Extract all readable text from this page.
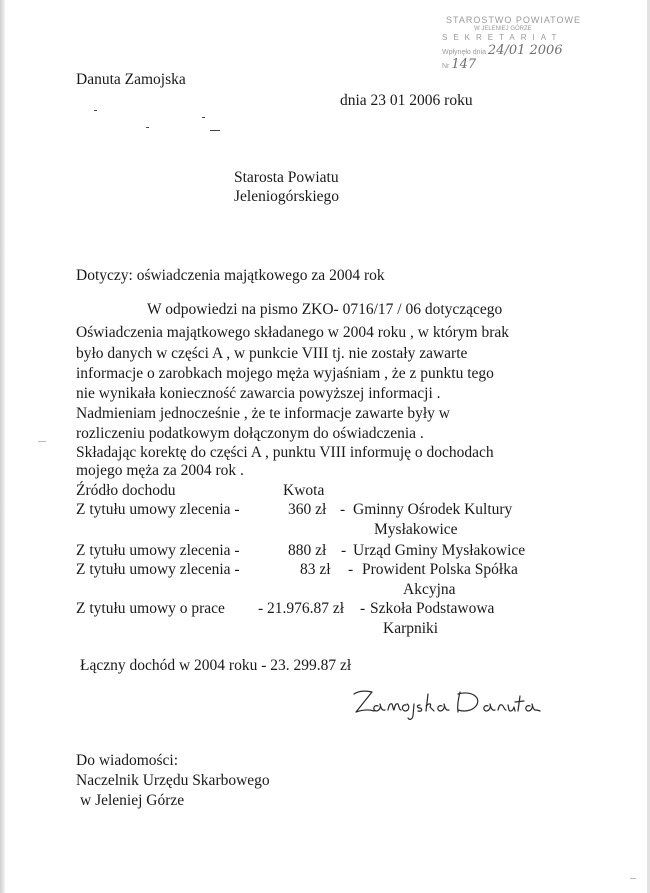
STAROSTWO POWIATOWE
W JELENIEJ GÓRZE
SEKRETARIAT
Wpłynęło dnia 24/01 2006
Nr 147
Danuta Zamojska
dnia 23 01 2006 roku
Starosta Powiatu
Jeleniogórskiego
Dotyczy: oświadczenia majątkowego za 2004 rok
W odpowiedzi na pismo ZKO- 0716/17 / 06 dotyczącego
Oświadczenia majątkowego składanego w 2004 roku , w którym brak
było danych w części A , w punkcie VIII tj. nie zostały zawarte
informacje o zarobkach mojego męża wyjaśniam , że z punktu tego
nie wynikała konieczność zawarcia powyższej informacji .
Nadmieniam jednocześnie , że te informacje zawarte były w
rozliczeniu podatkowym dołączonym do oświadczenia .
Składając korektę do części A , punktu VIII informuję o dochodach
mojego męża za 2004 rok .
Źródło dochodu	Kwota
Z tytułu umowy zlecenia -	360 zł - Gminny Ośrodek Kultury
Mysłakowice
Z tytułu umowy zlecenia -	880 zł - Urząd Gminy Mysłakowice
Z tytułu umowy zlecenia -	83 zł - Prowident Polska Spółka
Akcyjna
Z tytułu umowy o prace - 21.976.87 zł - Szkoła Podstawowa
Karpniki
Łączny dochód w 2004 roku - 23. 299.87 zł
Zamojska Danuta
Do wiadomości:
Naczelnik Urzędu Skarbowego
w Jeleniej Górze
